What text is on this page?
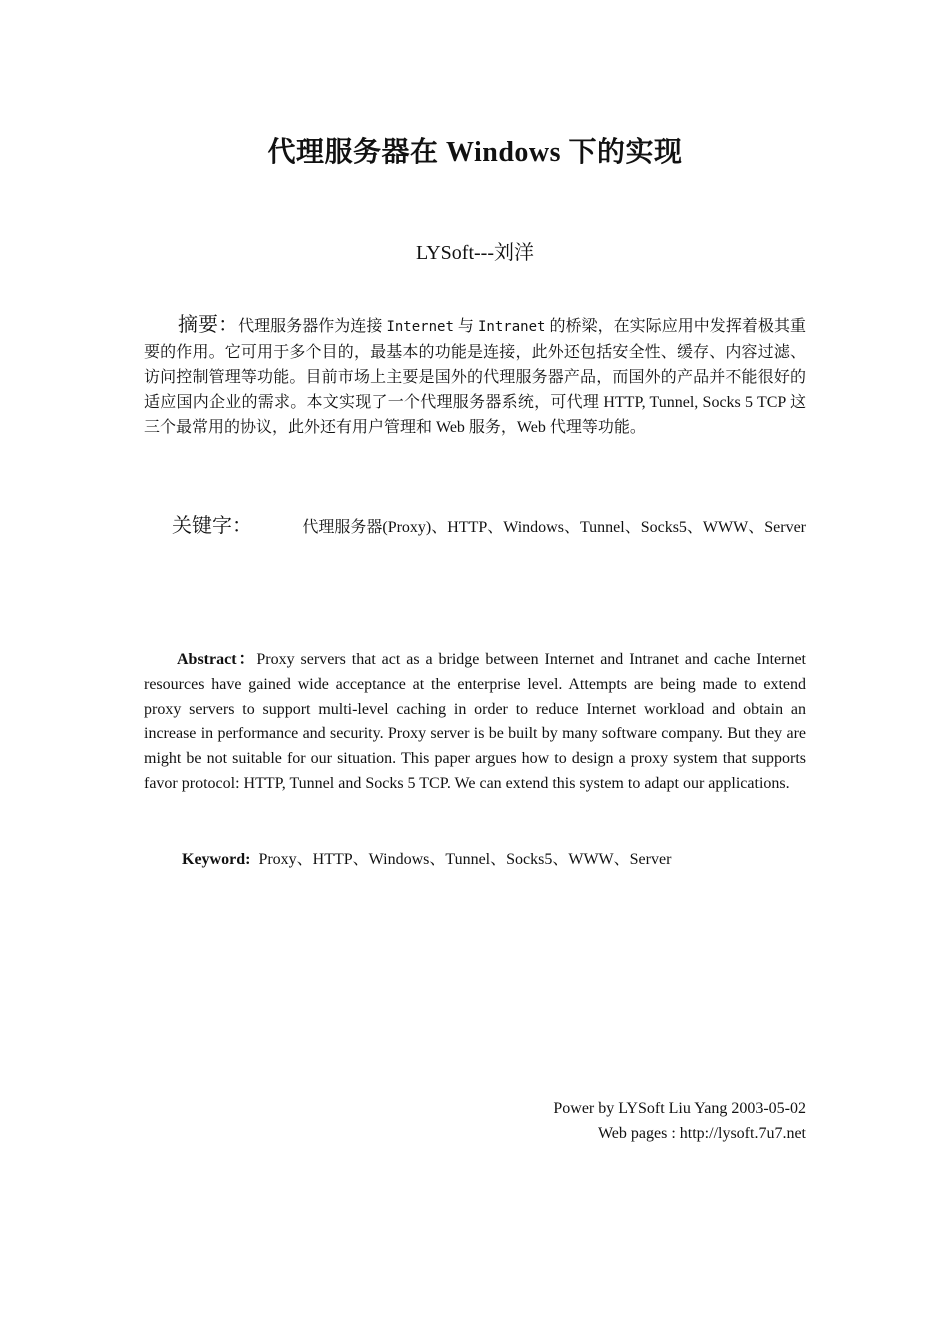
代理服务器在 Windows 下的实现
LYSoft---刘洋
摘要：代理服务器作为连接 Internet 与 Intranet 的桥梁，在实际应用中发挥着极其重要的作用。它可用于多个目的，最基本的功能是连接，此外还包括安全性、缓存、内容过滤、访问控制管理等功能。目前市场上主要是国外的代理服务器产品，而国外的产品并不能很好的适应国内企业的需求。本文实现了一个代理服务器系统，可代理 HTTP, Tunnel, Socks 5 TCP 这三个最常用的协议，此外还有用户管理和 Web 服务，Web 代理等功能。
关键字：	代理服务器(Proxy)、HTTP、Windows、Tunnel、Socks5、WWW、Server
Abstract：Proxy servers that act as a bridge between Internet and Intranet and cache Internet resources have gained wide acceptance at the enterprise level. Attempts are being made to extend proxy servers to support multi-level caching in order to reduce Internet workload and obtain an increase in performance and security. Proxy server is be built by many software company. But they are might be not suitable for our situation. This paper argues how to design a proxy system that supports favor protocol: HTTP, Tunnel and Socks 5 TCP. We can extend this system to adapt our applications.
Keyword: Proxy、HTTP、Windows、Tunnel、Socks5、WWW、Server
Power by LYSoft Liu Yang 2003-05-02
Web pages : http://lysoft.7u7.net
